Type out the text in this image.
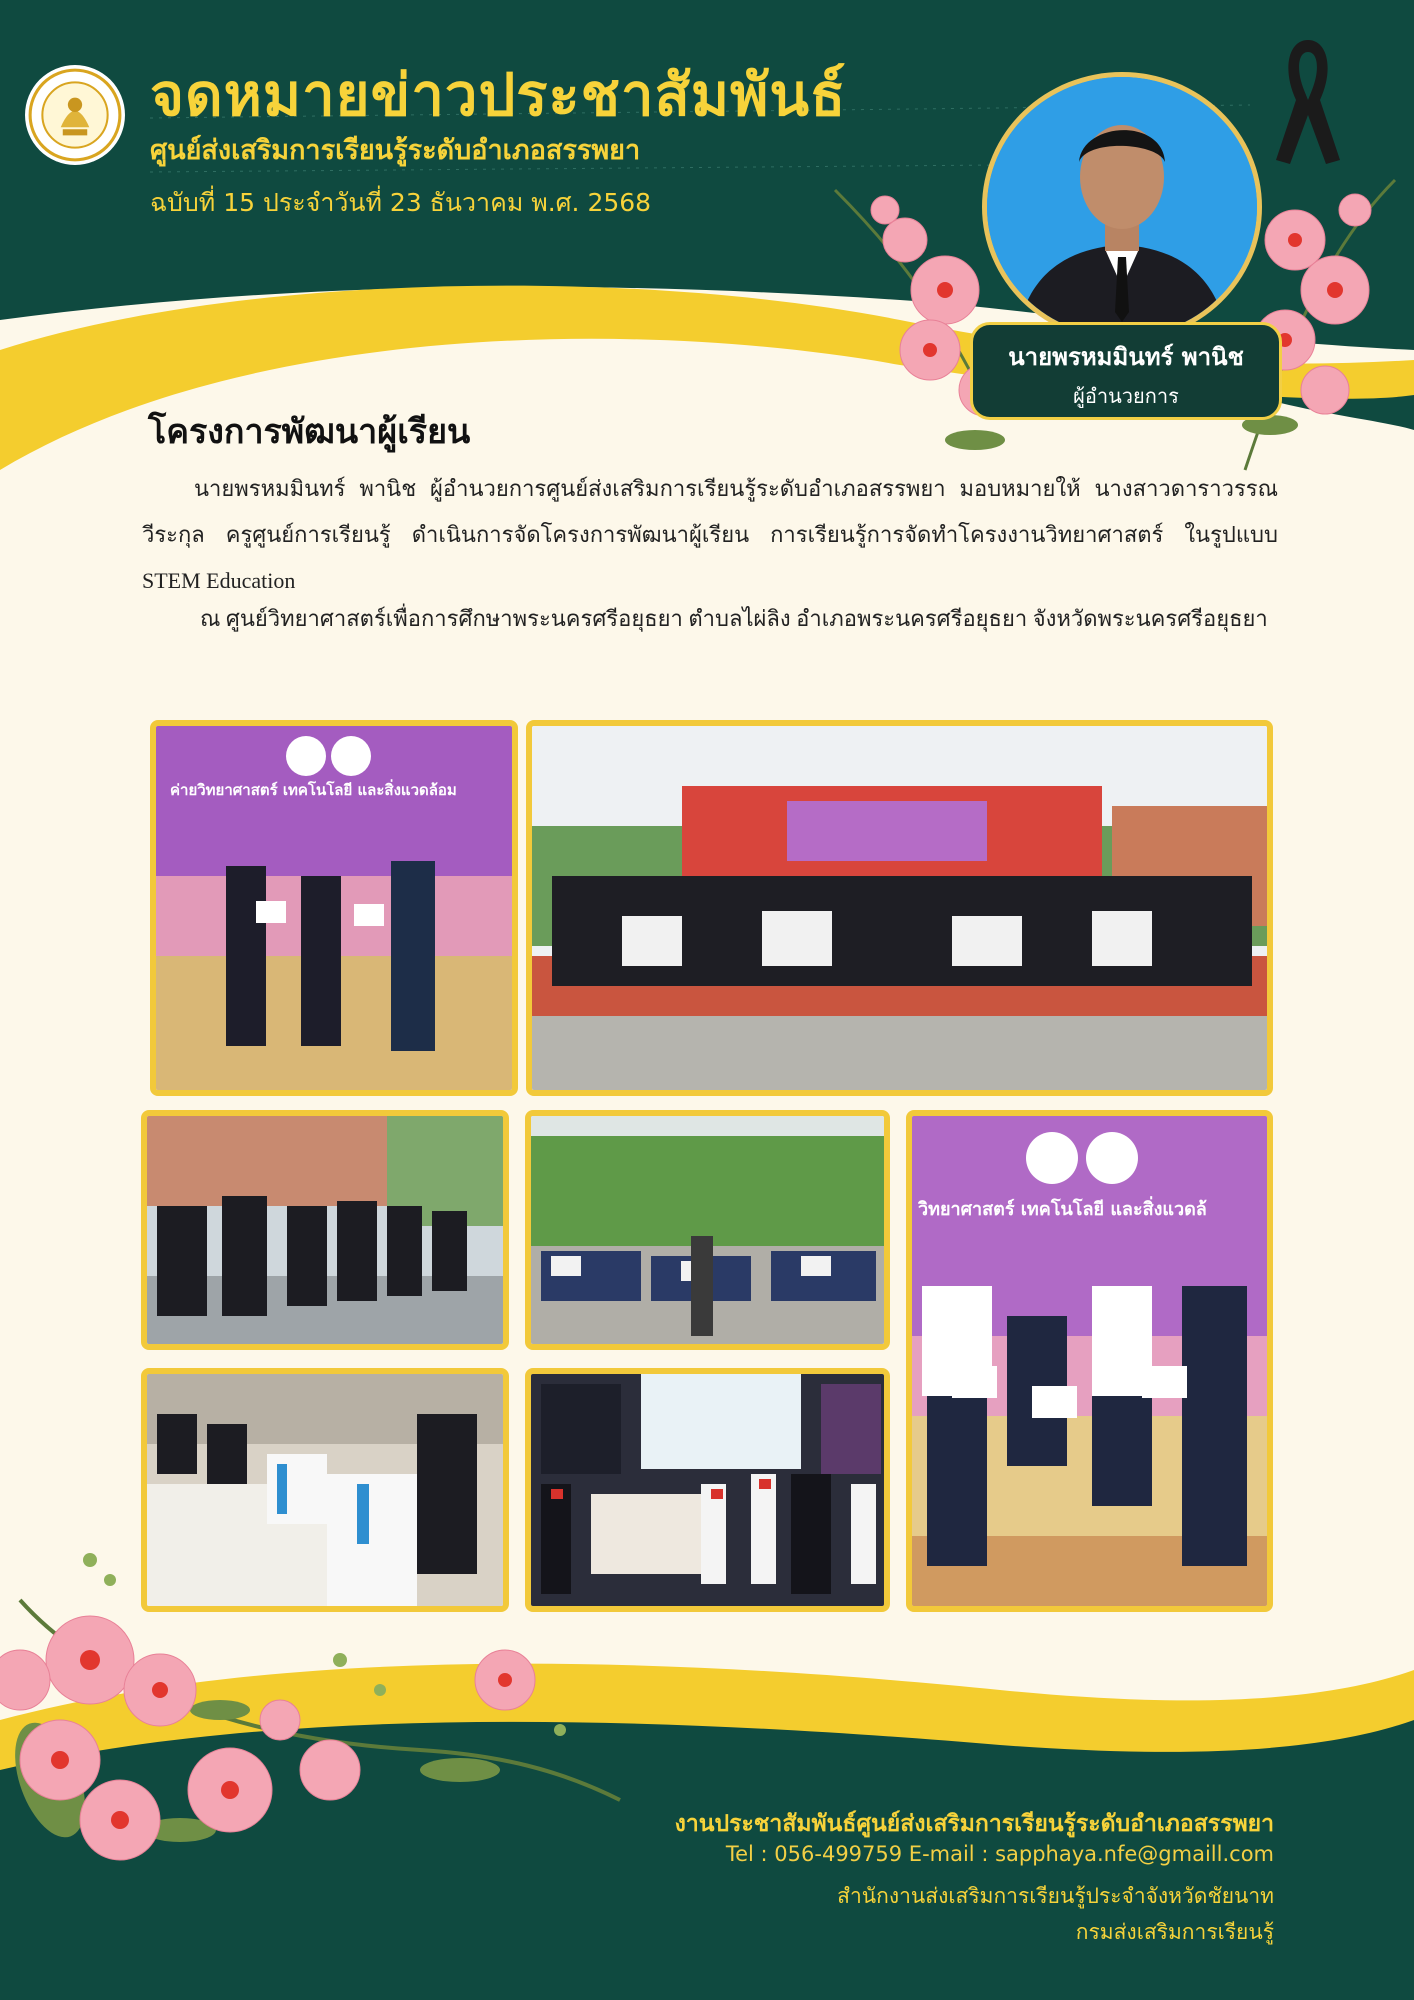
จดหมายข่าวประชาสัมพันธ์
ศูนย์ส่งเสริมการเรียนรู้ระดับอำเภอสรรพยา
ฉบับที่ 15 ประจำวันที่ 23 ธันวาคม พ.ศ. 2568
นายพรหมมินทร์ พานิช
ผู้อำนวยการ
โครงการพัฒนาผู้เรียน
นายพรหมมินทร์ พานิช ผู้อำนวยการศูนย์ส่งเสริมการเรียนรู้ระดับอำเภอสรรพยา มอบหมายให้ นางสาวดาราวรรณ วีระกุล ครูศูนย์การเรียนรู้ ดำเนินการจัดโครงการพัฒนาผู้เรียน การเรียนรู้การจัดทำโครงงานวิทยาศาสตร์ ในรูปแบบ STEM Education
ณ ศูนย์วิทยาศาสตร์เพื่อการศึกษาพระนครศรีอยุธยา ตำบลไผ่ลิง อำเภอพระนครศรีอยุธยา จังหวัดพระนครศรีอยุธยา
ค่ายวิทยาศาสตร์ เทคโนโลยี และสิ่งแวดล้อม
วิทยาศาสตร์ เทคโนโลยี และสิ่งแวดล้
งานประชาสัมพันธ์ศูนย์ส่งเสริมการเรียนรู้ระดับอำเภอสรรพยา
Tel : 056-499759 E-mail : sapphaya.nfe@gmaill.com
สำนักงานส่งเสริมการเรียนรู้ประจำจังหวัดชัยนาท
กรมส่งเสริมการเรียนรู้
